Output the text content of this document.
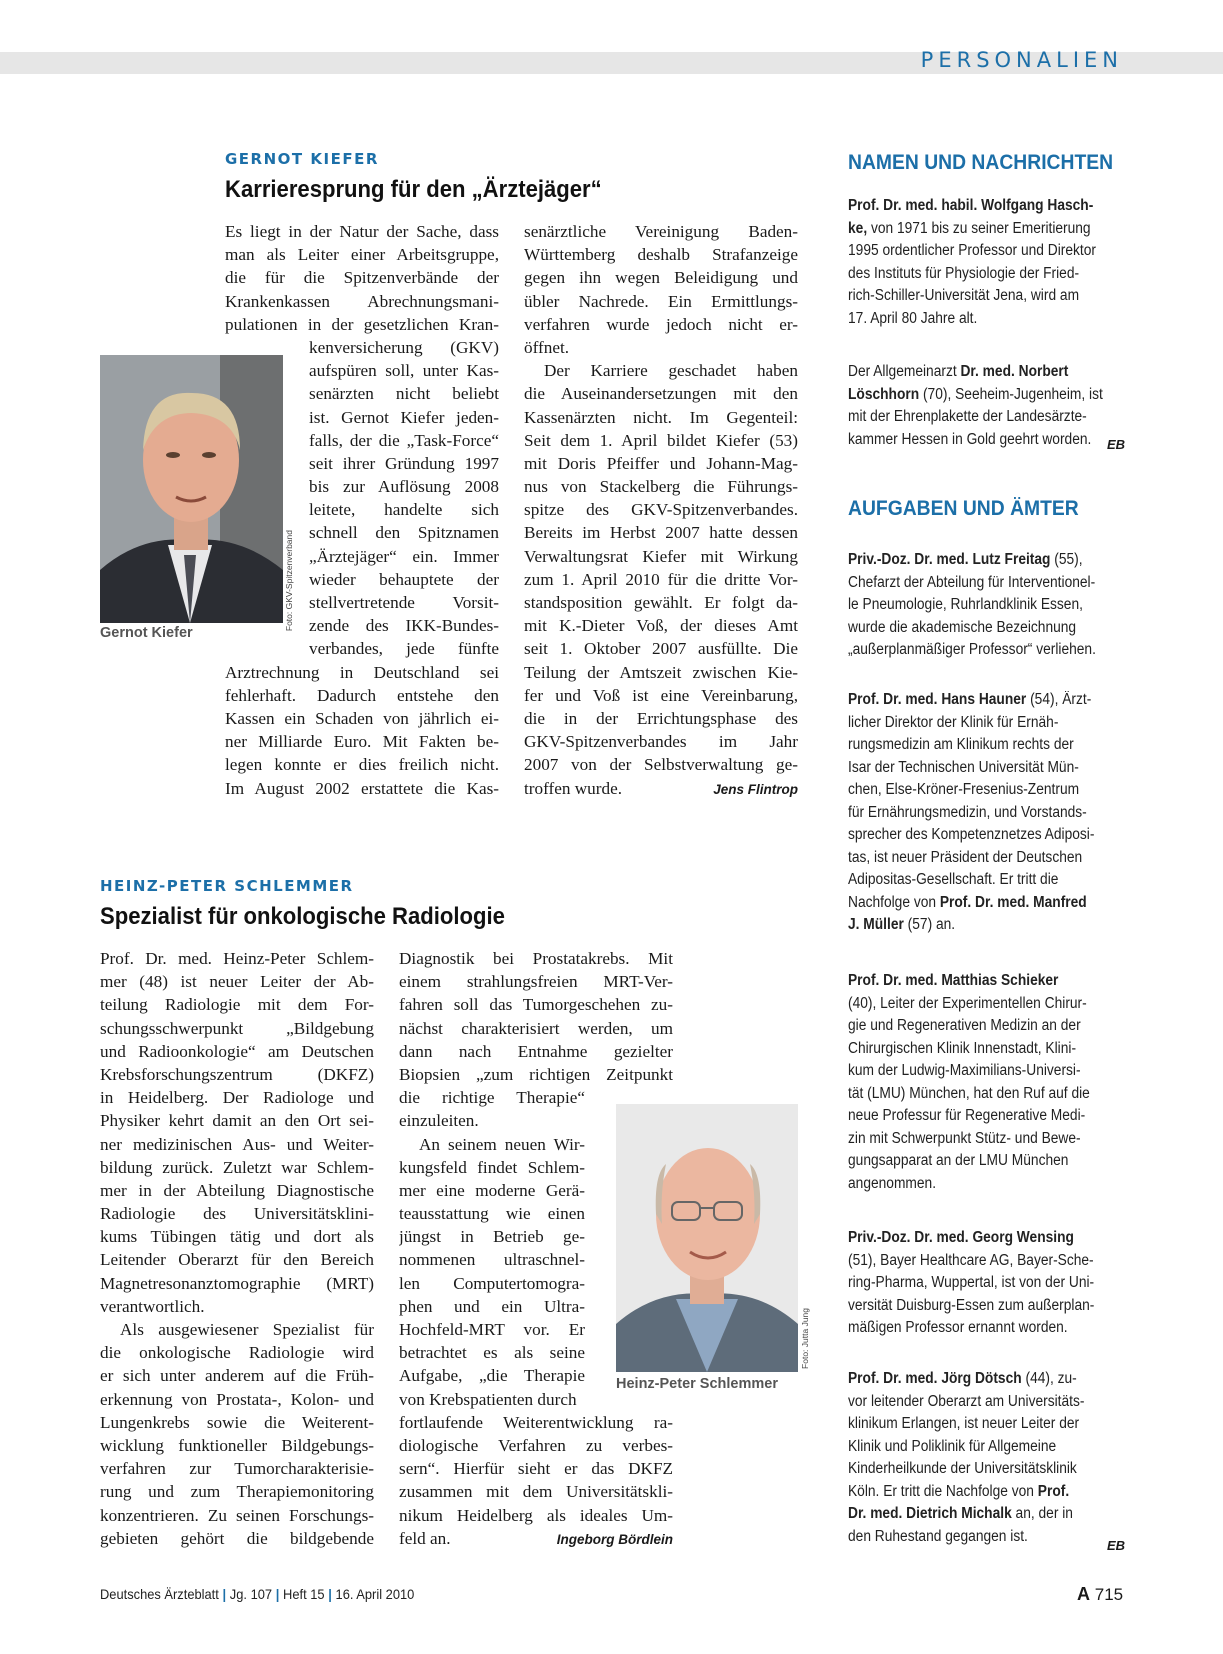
PERSONALIEN
GERNOT KIEFER
Karrieresprung für den „Ärztejäger“
Foto: GKV-Spitzenverband
Gernot Kiefer
Es liegt in der Natur der Sache, dass
man als Leiter einer Arbeitsgruppe,
die für die Spitzenverbände der
Krankenkassen Abrechnungsmani-
pulationen in der gesetzlichen Kran-
kenversicherung (GKV)
aufspüren soll, unter Kas-
senärzten nicht beliebt
ist. Gernot Kiefer jeden-
falls, der die „Task-Force“
seit ihrer Gründung 1997
bis zur Auflösung 2008
leitete, handelte sich
schnell den Spitznamen
„Ärztejäger“ ein. Immer
wieder behauptete der
stellvertretende Vorsit-
zende des IKK-Bundes-
verbandes, jede fünfte
Arztrechnung in Deutschland sei
fehlerhaft. Dadurch entstehe den
Kassen ein Schaden von jährlich ei-
ner Milliarde Euro. Mit Fakten be-
legen konnte er dies freilich nicht.
Im August 2002 erstattete die Kas-
senärztliche Vereinigung Baden-
Württemberg deshalb Strafanzeige
gegen ihn wegen Beleidigung und
übler Nachrede. Ein Ermittlungs-
verfahren wurde jedoch nicht er-
öffnet.
Der Karriere geschadet haben
die Auseinandersetzungen mit den
Kassenärzten nicht. Im Gegenteil:
Seit dem 1. April bildet Kiefer (53)
mit Doris Pfeiffer und Johann-Mag-
nus von Stackelberg die Führungs-
spitze des GKV-Spitzenverbandes.
Bereits im Herbst 2007 hatte dessen
Verwaltungsrat Kiefer mit Wirkung
zum 1. April 2010 für die dritte Vor-
standsposition gewählt. Er folgt da-
mit K.-Dieter Voß, der dieses Amt
seit 1. Oktober 2007 ausfüllte. Die
Teilung der Amtszeit zwischen Kie-
fer und Voß ist eine Vereinbarung,
die in der Errichtungsphase des
GKV-Spitzenverbandes im Jahr
2007 von der Selbstverwaltung ge-
troffen wurde.	Jens Flintrop
HEINZ-PETER SCHLEMMER
Spezialist für onkologische Radiologie
Prof. Dr. med. Heinz-Peter Schlem-
mer (48) ist neuer Leiter der Ab-
teilung Radiologie mit dem For-
schungsschwerpunkt „Bildgebung
und Radioonkologie“ am Deutschen
Krebsforschungszentrum (DKFZ)
in Heidelberg. Der Radiologe und
Physiker kehrt damit an den Ort sei-
ner medizinischen Aus- und Weiter-
bildung zurück. Zuletzt war Schlem-
mer in der Abteilung Diagnostische
Radiologie des Universitätsklini-
kums Tübingen tätig und dort als
Leitender Oberarzt für den Bereich
Magnetresonanztomographie (MRT)
verantwortlich.
Als ausgewiesener Spezialist für
die onkologische Radiologie wird
er sich unter anderem auf die Früh-
erkennung von Prostata-, Kolon- und
Lungenkrebs sowie die Weiterent-
wicklung funktioneller Bildgebungs-
verfahren zur Tumorcharakterisie-
rung und zum Therapiemonitoring
konzentrieren. Zu seinen Forschungs-
gebieten gehört die bildgebende
Diagnostik bei Prostatakrebs. Mit
einem strahlungsfreien MRT-Ver-
fahren soll das Tumorgeschehen zu-
nächst charakterisiert werden, um
dann nach Entnahme gezielter
Biopsien „zum richtigen Zeitpunkt
die richtige Therapie“
einzuleiten.
An seinem neuen Wir-
kungsfeld findet Schlem-
mer eine moderne Gerä-
teausstattung wie einen
jüngst in Betrieb ge-
nommenen ultraschnel-
len Computertomogra-
phen und ein Ultra-
Hochfeld-MRT vor. Er
betrachtet es als seine
Aufgabe, „die Therapie
von Krebspatienten durch
fortlaufende Weiterentwicklung ra-
diologische Verfahren zu verbes-
sern“. Hierfür sieht er das DKFZ
zusammen mit dem Universitätskli-
nikum Heidelberg als ideales Um-
feld an.	Ingeborg Bördlein
Heinz-Peter Schlemmer
Foto: Jutta Jung
NAMEN UND NACHRICHTEN
Prof. Dr. med. habil. Wolfgang Hasch-
ke, von 1971 bis zu seiner Emeritierung
1995 ordentlicher Professor und Direktor
des Instituts für Physiologie der Fried-
rich-Schiller-Universität Jena, wird am
17. April 80 Jahre alt.
Der Allgemeinarzt Dr. med. Norbert
Löschhorn (70), Seeheim-Jugenheim, ist
mit der Ehrenplakette der Landesärzte-
kammer Hessen in Gold geehrt worden.	EB
AUFGABEN UND ÄMTER
Priv.-Doz. Dr. med. Lutz Freitag (55),
Chefarzt der Abteilung für Interventionel-
le Pneumologie, Ruhrlandklinik Essen,
wurde die akademische Bezeichnung
„außerplanmäßiger Professor“ verliehen.
Prof. Dr. med. Hans Hauner (54), Ärzt-
licher Direktor der Klinik für Ernäh-
rungsmedizin am Klinikum rechts der
Isar der Technischen Universität Mün-
chen, Else-Kröner-Fresenius-Zentrum
für Ernährungsmedizin, und Vorstands-
sprecher des Kompetenznetzes Adiposi-
tas, ist neuer Präsident der Deutschen
Adipositas-Gesellschaft. Er tritt die
Nachfolge von Prof. Dr. med. Manfred
J. Müller (57) an.
Prof. Dr. med. Matthias Schieker
(40), Leiter der Experimentellen Chirur-
gie und Regenerativen Medizin an der
Chirurgischen Klinik Innenstadt, Klini-
kum der Ludwig-Maximilians-Universi-
tät (LMU) München, hat den Ruf auf die
neue Professur für Regenerative Medi-
zin mit Schwerpunkt Stütz- und Bewe-
gungsapparat an der LMU München
angenommen.
Priv.-Doz. Dr. med. Georg Wensing
(51), Bayer Healthcare AG, Bayer-Sche-
ring-Pharma, Wuppertal, ist von der Uni-
versität Duisburg-Essen zum außerplan-
mäßigen Professor ernannt worden.
Prof. Dr. med. Jörg Dötsch (44), zu-
vor leitender Oberarzt am Universitäts-
klinikum Erlangen, ist neuer Leiter der
Klinik und Poliklinik für Allgemeine
Kinderheilkunde der Universitätsklinik
Köln. Er tritt die Nachfolge von Prof.
Dr. med. Dietrich Michalk an, der in
den Ruhestand gegangen ist.
EB
Deutsches Ärzteblatt | Jg. 107 | Heft 15 | 16. April 2010	A 715
